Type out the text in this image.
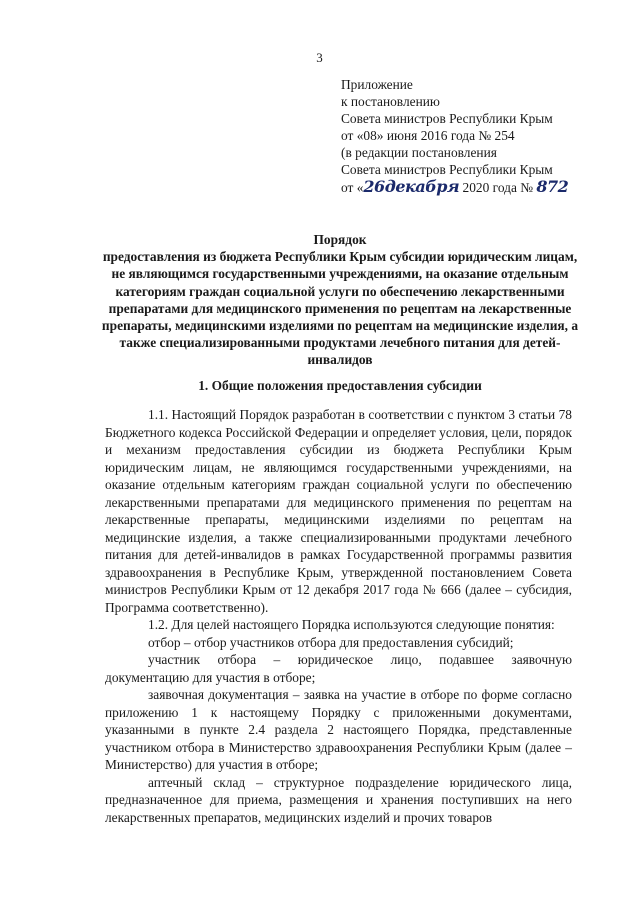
3
Приложение
к постановлению
Совета министров Республики Крым
от «08» июня 2016 года № 254
(в редакции постановления
Совета министров Республики Крым
от «26декабря 2020 года № 872
Порядок
предоставления из бюджета Республики Крым субсидии юридическим лицам, не являющимся государственными учреждениями, на оказание отдельным категориям граждан социальной услуги по обеспечению лекарственными препаратами для медицинского применения по рецептам на лекарственные препараты, медицинскими изделиями по рецептам на медицинские изделия, а также специализированными продуктами лечебного питания для детей-инвалидов
1. Общие положения предоставления субсидии

1.1. Настоящий Порядок разработан в соответствии с пунктом 3 статьи 78 Бюджетного кодекса Российской Федерации и определяет условия, цели, порядок и механизм предоставления субсидии из бюджета Республики Крым юридическим лицам, не являющимся государственными учреждениями, на оказание отдельным категориям граждан социальной услуги по обеспечению лекарственными препаратами для медицинского применения по рецептам на лекарственные препараты, медицинскими изделиями по рецептам на медицинские изделия, а также специализированными продуктами лечебного питания для детей-инвалидов в рамках Государственной программы развития здравоохранения в Республике Крым, утвержденной постановлением Совета министров Республики Крым от 12 декабря 2017 года № 666 (далее – субсидия, Программа соответственно).

1.2. Для целей настоящего Порядка используются следующие понятия:

отбор – отбор участников отбора для предоставления субсидий;

участник отбора – юридическое лицо, подавшее заявочную документацию для участия в отборе;

заявочная документация – заявка на участие в отборе по форме согласно приложению 1 к настоящему Порядку с приложенными документами, указанными в пункте 2.4 раздела 2 настоящего Порядка, представленные участником отбора в Министерство здравоохранения Республики Крым (далее – Министерство) для участия в отборе;

аптечный склад – структурное подразделение юридического лица, предназначенное для приема, размещения и хранения поступивших на него лекарственных препаратов, медицинских изделий и прочих товаров
